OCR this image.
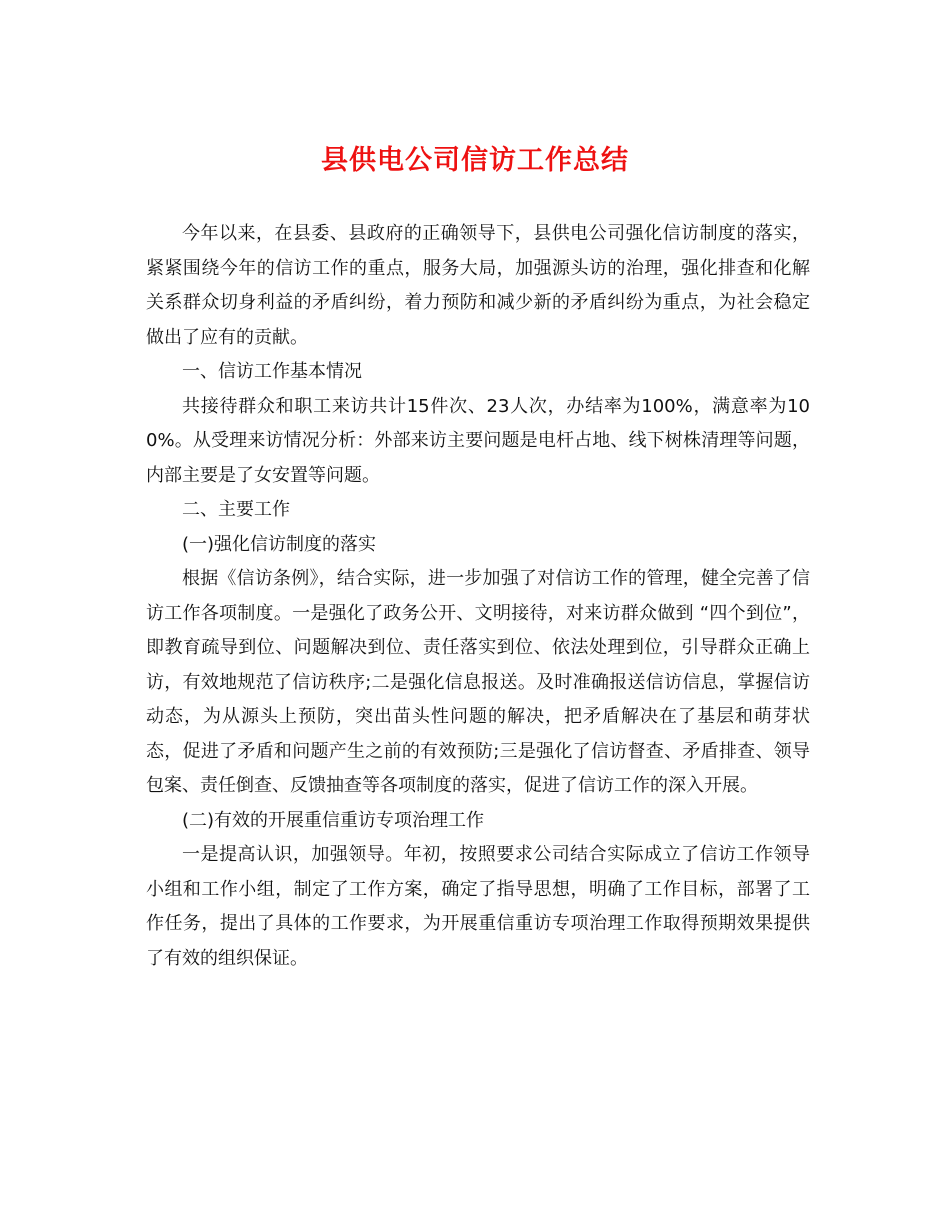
县供电公司信访工作总结

今年以来，在县委、县政府的正确领导下，县供电公司强化信访制度的落实，紧紧围绕今年的信访工作的重点，服务大局，加强源头访的治理，强化排查和化解关系群众切身利益的矛盾纠纷，着力预防和减少新的矛盾纠纷为重点，为社会稳定做出了应有的贡献。

一、信访工作基本情况

共接待群众和职工来访共计15件次、23人次，办结率为100%，满意率为100%。从受理来访情况分析：外部来访主要问题是电杆占地、线下树株清理等问题，内部主要是了女安置等问题。

二、主要工作

(一)强化信访制度的落实

根据《信访条例》，结合实际，进一步加强了对信访工作的管理，健全完善了信访工作各项制度。一是强化了政务公开、文明接待，对来访群众做到 “四个到位”，即教育疏导到位、问题解决到位、责任落实到位、依法处理到位，引导群众正确上访，有效地规范了信访秩序;二是强化信息报送。及时准确报送信访信息，掌握信访动态，为从源头上预防，突出苗头性问题的解决，把矛盾解决在了基层和萌芽状态，促进了矛盾和问题产生之前的有效预防;三是强化了信访督查、矛盾排查、领导包案、责任倒查、反馈抽查等各项制度的落实，促进了信访工作的深入开展。

(二)有效的开展重信重访专项治理工作

一是提高认识，加强领导。年初，按照要求公司结合实际成立了信访工作领导小组和工作小组，制定了工作方案，确定了指导思想，明确了工作目标，部署了工作任务，提出了具体的工作要求，为开展重信重访专项治理工作取得预期效果提供了有效的组织保证。
